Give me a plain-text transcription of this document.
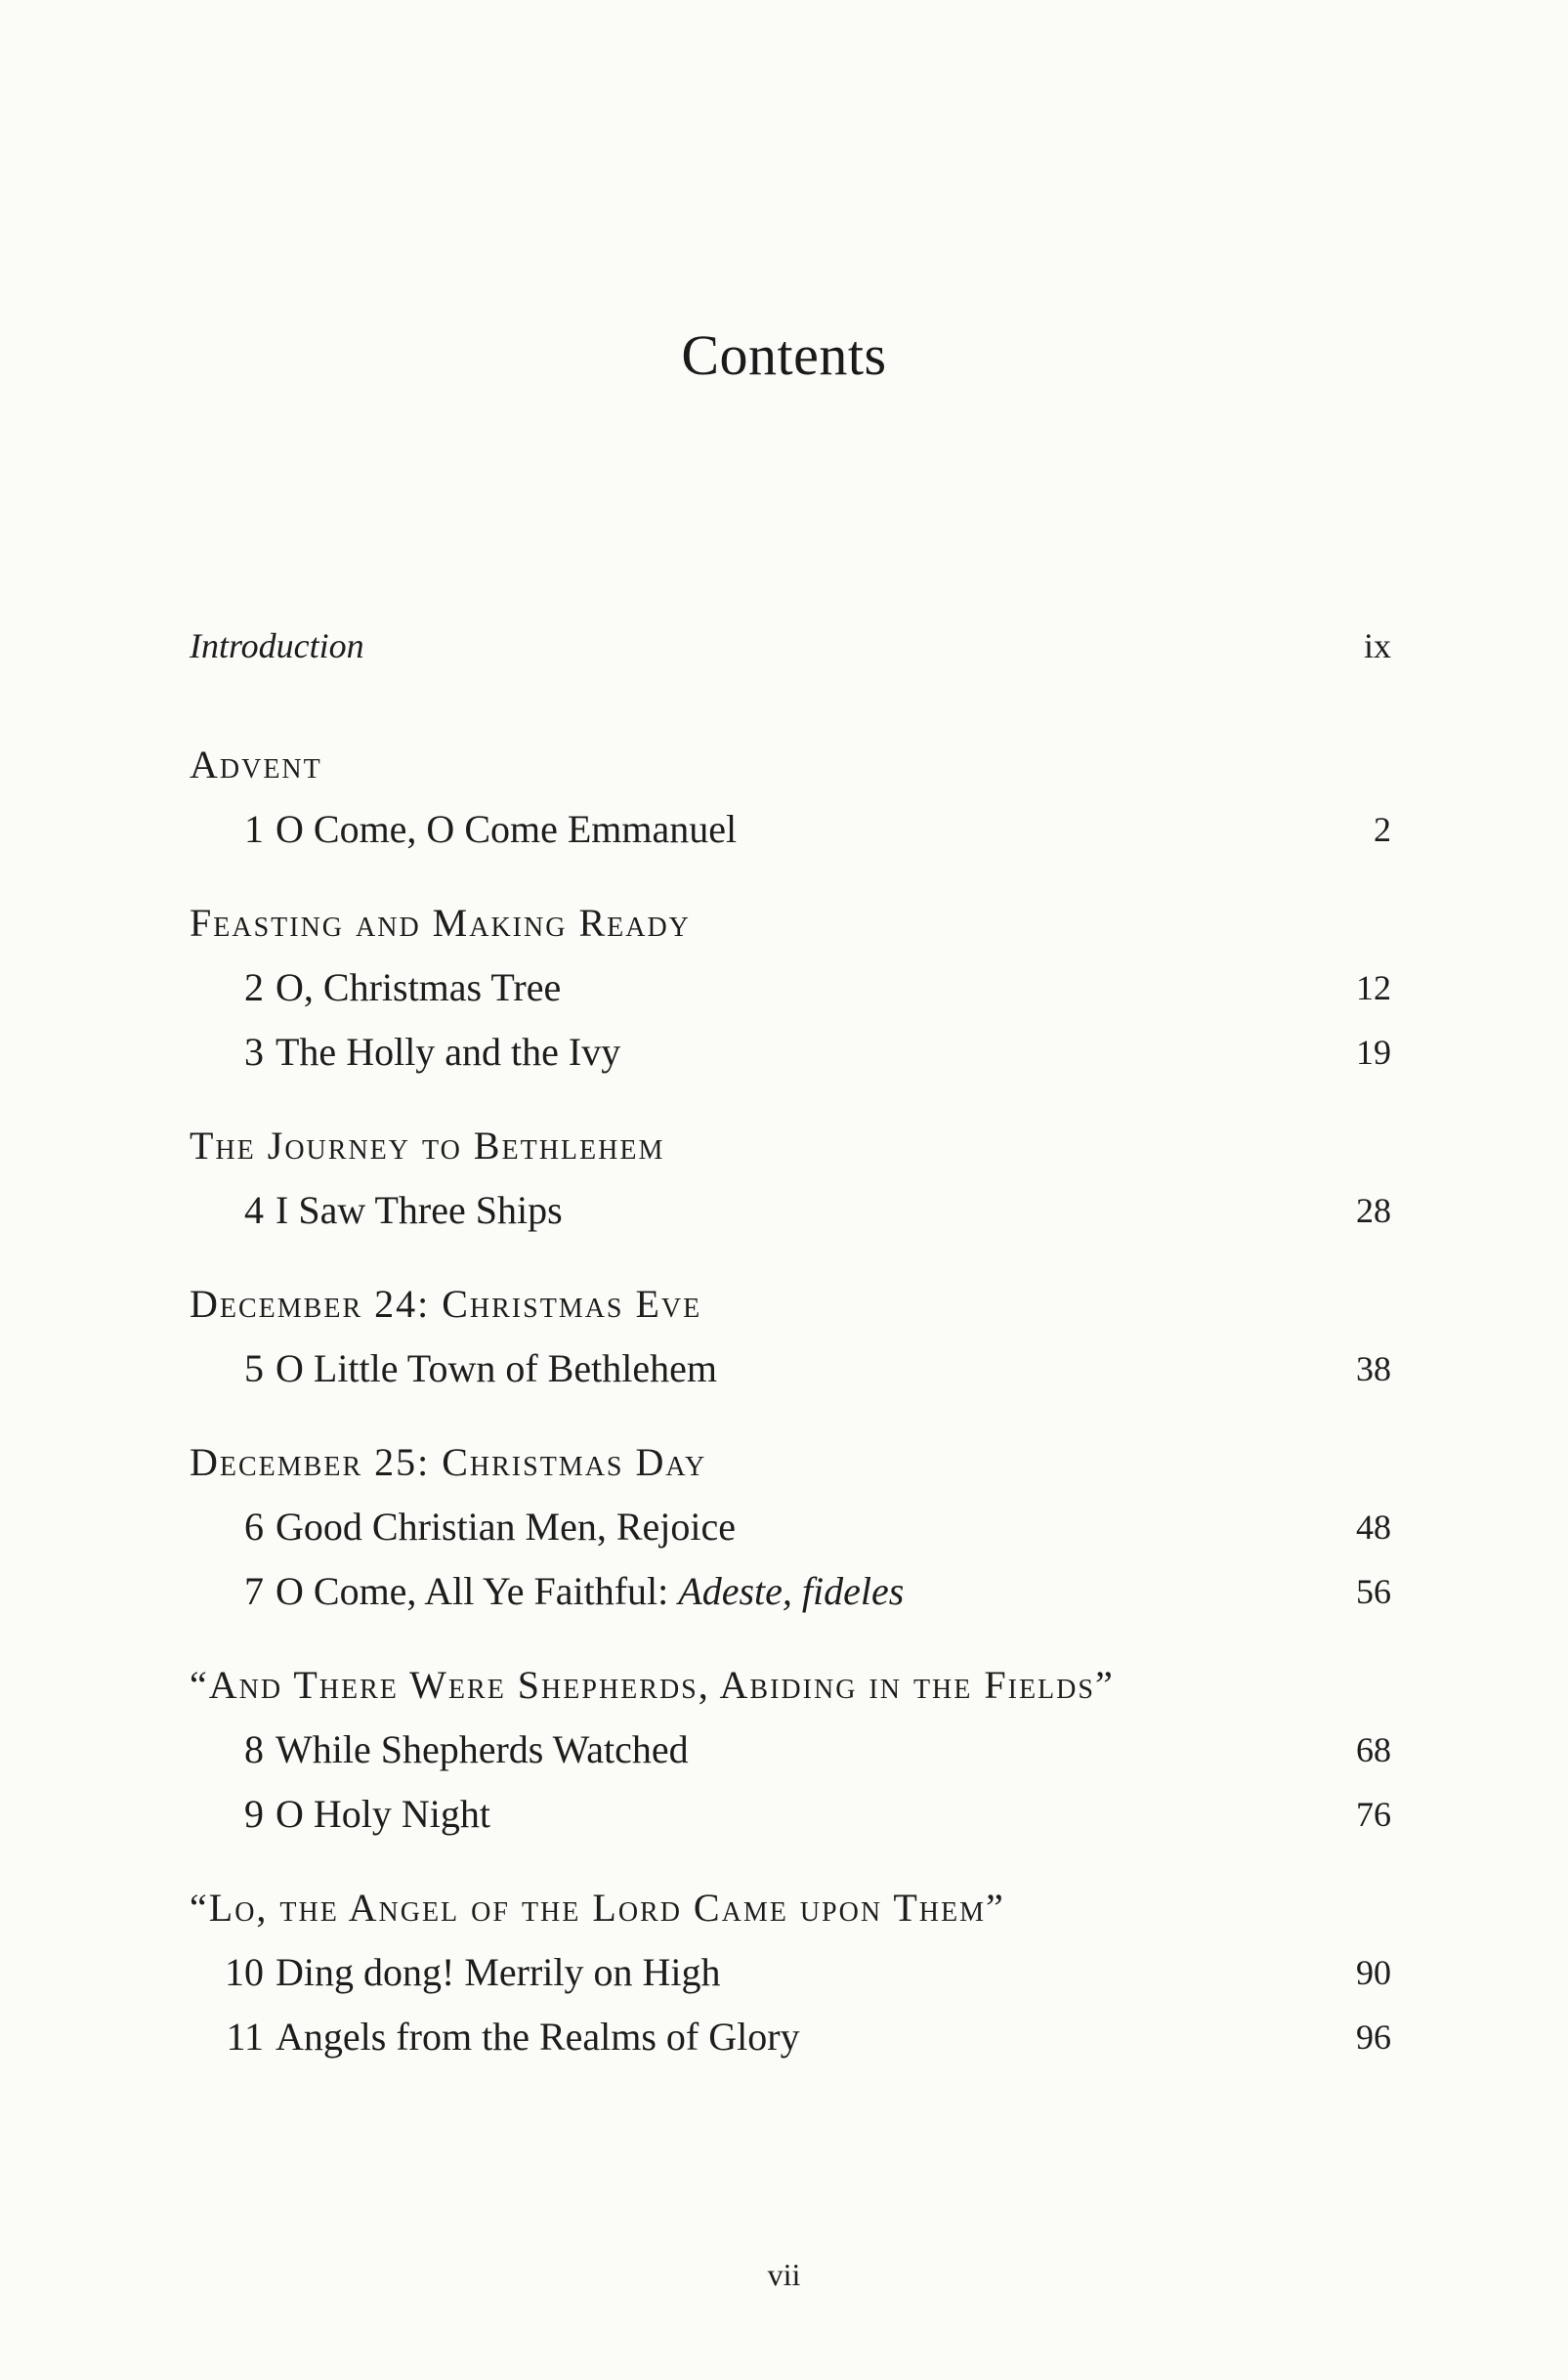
Contents
Introduction	ix
Advent
1 O Come, O Come Emmanuel	2
Feasting and Making Ready
2 O, Christmas Tree	12
3 The Holly and the Ivy	19
The Journey to Bethlehem
4 I Saw Three Ships	28
December 24: Christmas Eve
5 O Little Town of Bethlehem	38
December 25: Christmas Day
6 Good Christian Men, Rejoice	48
7 O Come, All Ye Faithful: Adeste, fideles	56
“And There Were Shepherds, Abiding in the Fields”
8 While Shepherds Watched	68
9 O Holy Night	76
“Lo, the Angel of the Lord Came upon Them”
10 Ding dong! Merrily on High	90
11 Angels from the Realms of Glory	96
vii
